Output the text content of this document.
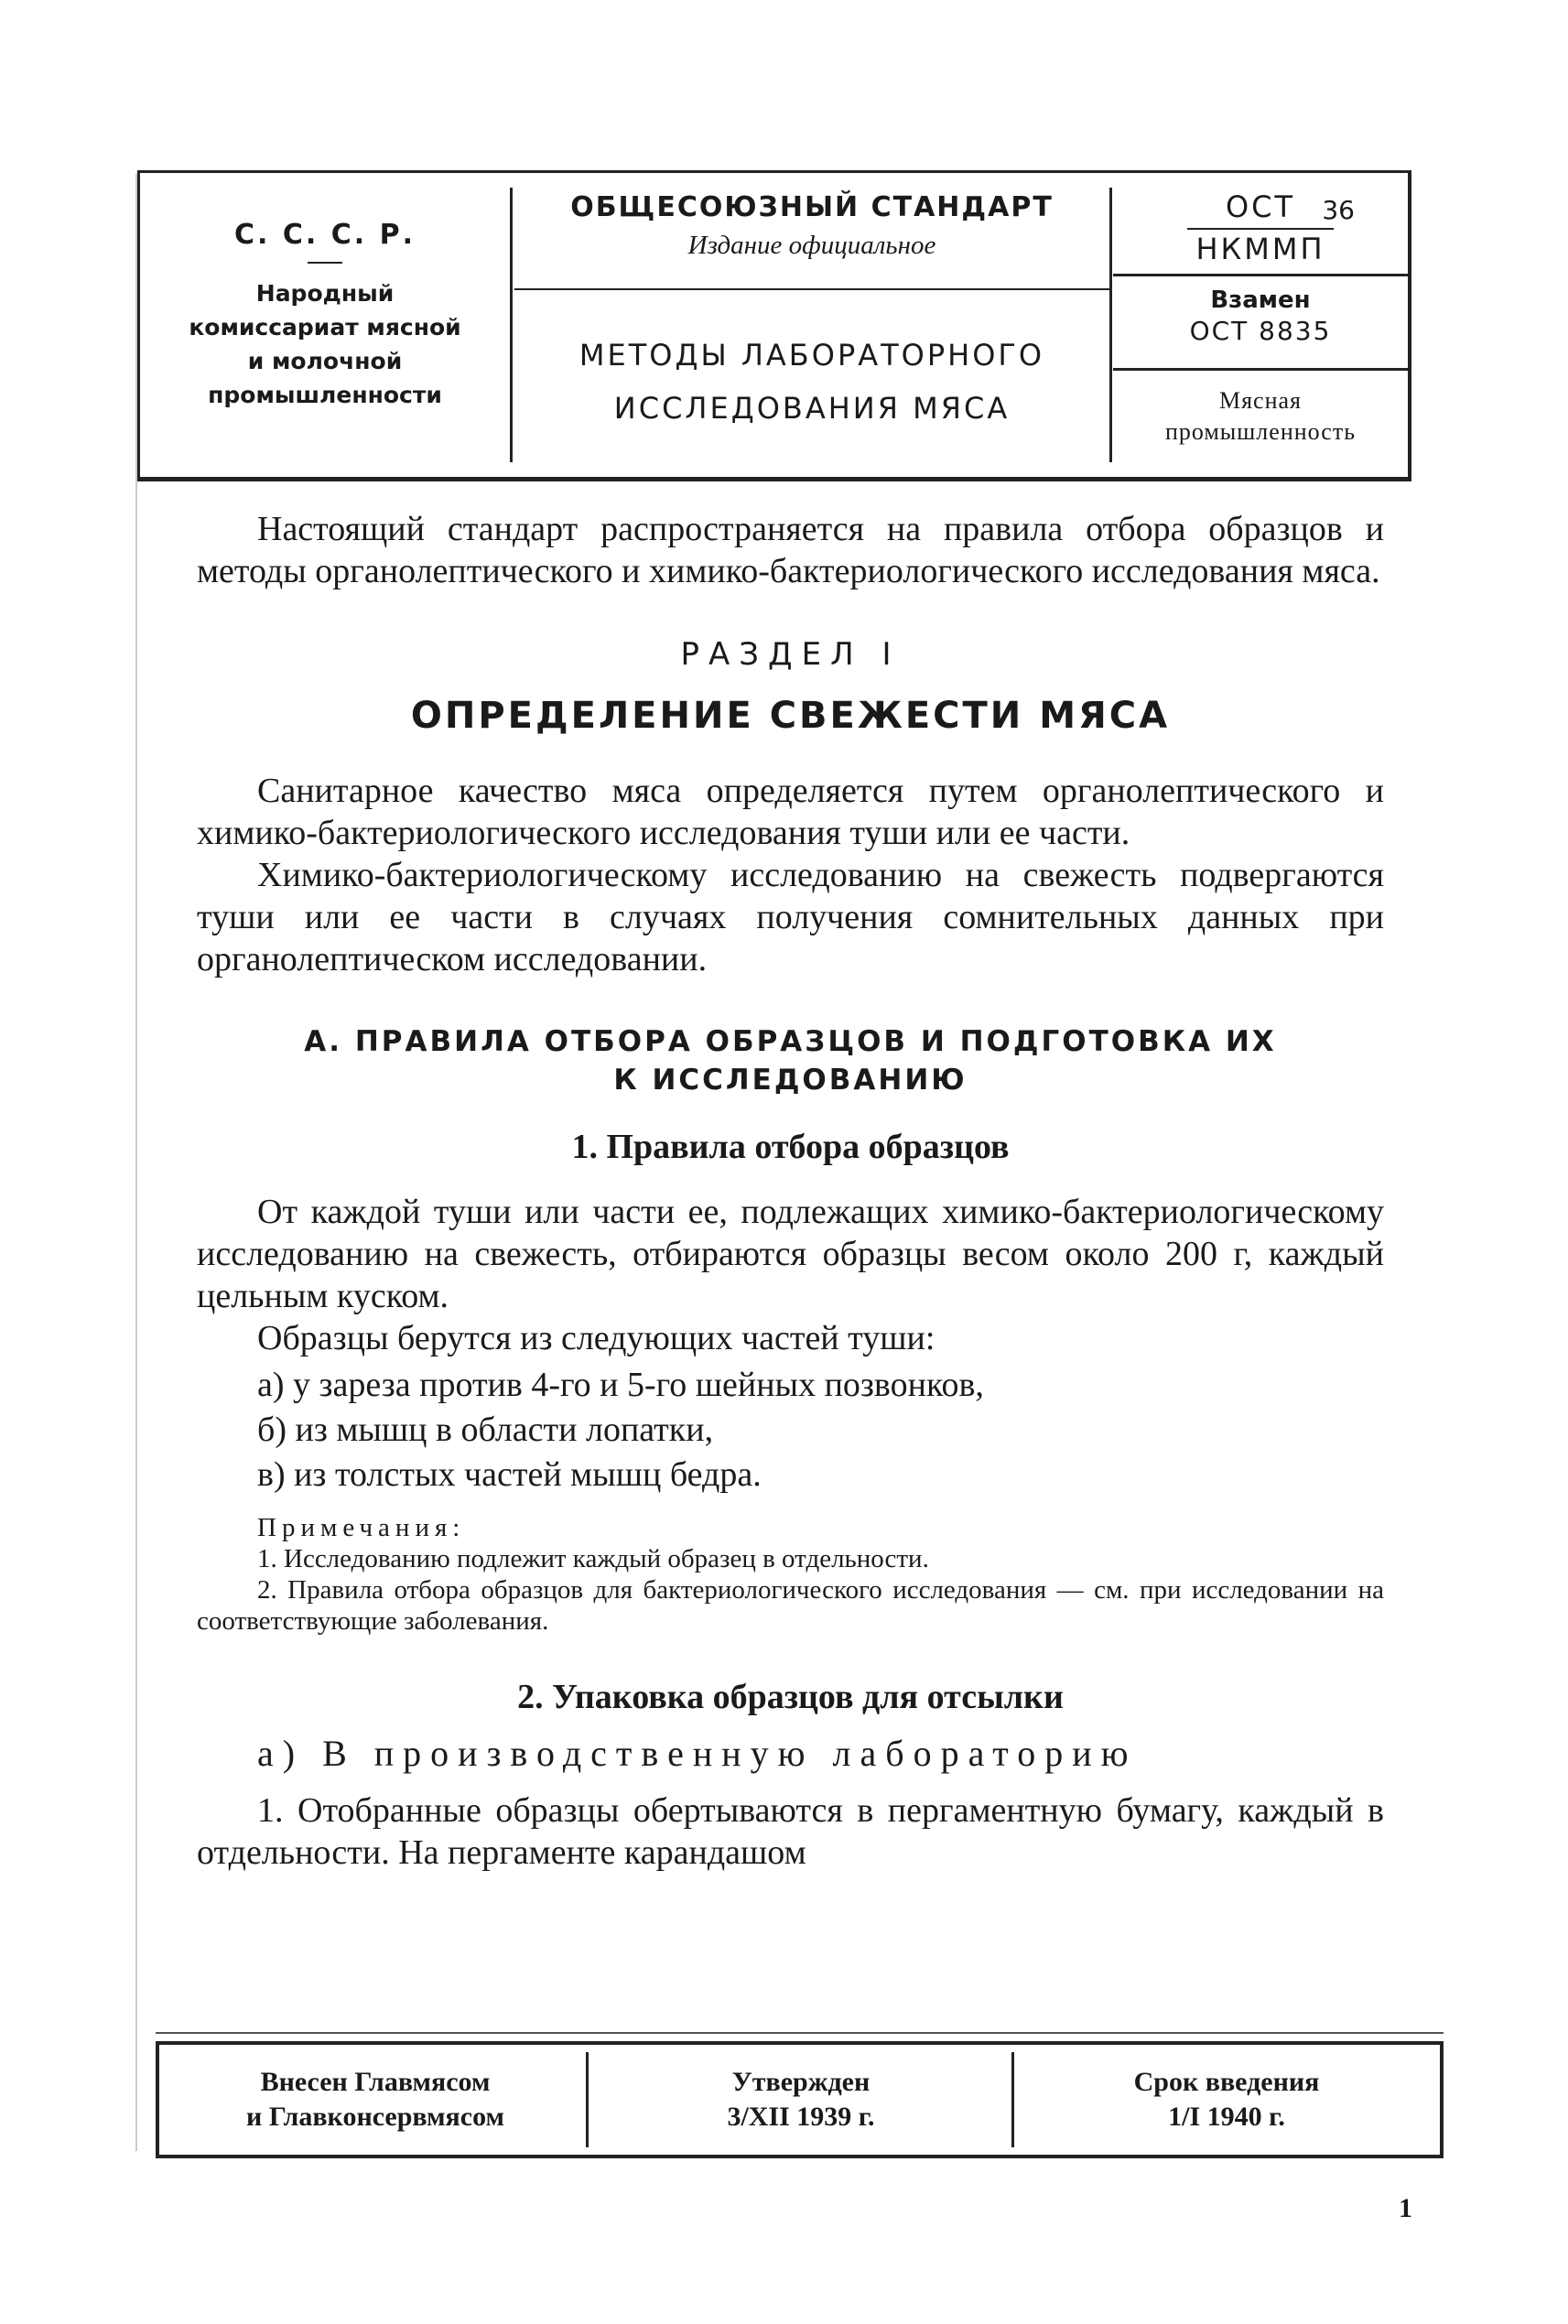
С. С. С. Р.
Народный
комиссариат мясной
и молочной
промышленности
ОБЩЕСОЮЗНЫЙ СТАНДАРТ
Издание официальное
МЕТОДЫ ЛАБОРАТОРНОГО
ИССЛЕДОВАНИЯ МЯСА
ОСТ
НКММП
36
Взамен
ОСТ 8835
Мясная
промышленность

Настоящий стандарт распространяется на правила отбора образцов и методы органолептического и химико-бактериологического исследования мяса.

РАЗДЕЛ I
ОПРЕДЕЛЕНИЕ СВЕЖЕСТИ МЯСА

Санитарное качество мяса определяется путем органолептического и химико-бактериологического исследования туши или ее части.

Химико-бактериологическому исследованию на свежесть подвергаются туши или ее части в случаях получения сомнительных данных при органолептическом исследовании.

А. ПРАВИЛА ОТБОРА ОБРАЗЦОВ И ПОДГОТОВКА ИХ
К ИССЛЕДОВАНИЮ
1. Правила отбора образцов

От каждой туши или части ее, подлежащих химико-бактериологическому исследованию на свежесть, отбираются образцы весом около 200 г, каждый цельным куском.

Образцы берутся из следующих частей туши:

а) у зареза против 4-го и 5-го шейных позвонков,
б) из мышц в области лопатки,
в) из толстых частей мышц бедра.
Примечания:
1. Исследованию подлежит каждый образец в отдельности.
2. Правила отбора образцов для бактериологического исследования — см. при исследовании на соответствующие заболевания.
2. Упаковка образцов для отсылки
а) В производственную лабораторию

1. Отобранные образцы обертываются в пергаментную бумагу, каждый в отдельности. На пергаменте карандашом

Внесен Главмясом
и Главконсервмясом
Утвержден
3/XII 1939 г.
Срок введения
1/I 1940 г.
1
